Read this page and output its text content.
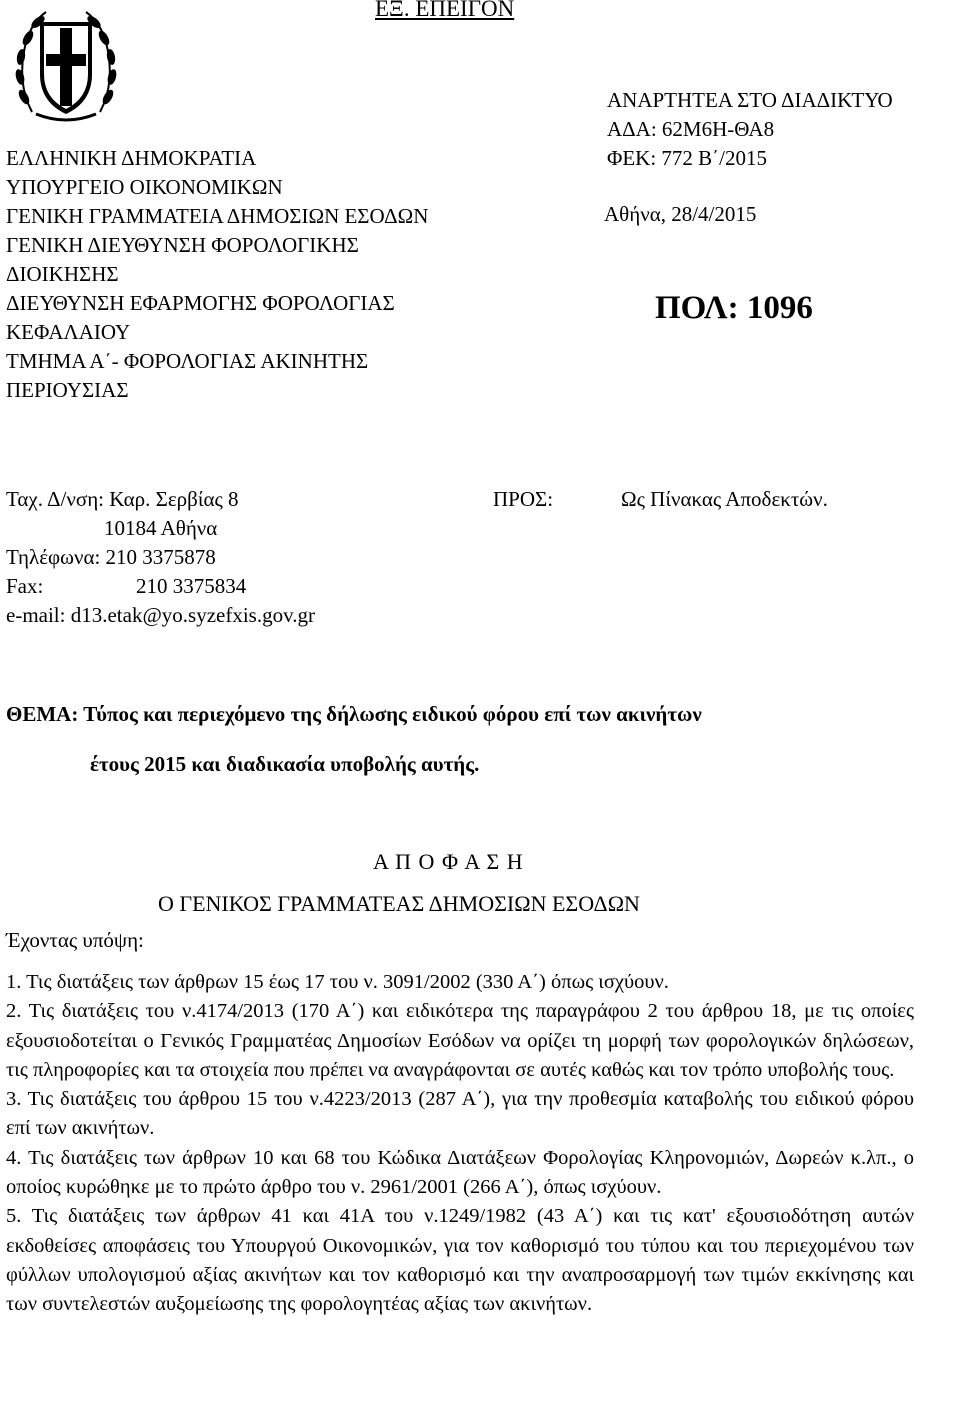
ΕΞ. ΕΠΕΙΓΟΝ
ΕΛΛΗΝΙΚΗ ΔΗΜΟΚΡΑΤΙΑ
ΥΠΟΥΡΓΕΙΟ ΟΙΚΟΝΟΜΙΚΩΝ
ΓΕΝΙΚΗ ΓΡΑΜΜΑΤΕΙΑ ΔΗΜΟΣΙΩΝ ΕΣΟΔΩΝ
ΓΕΝΙΚΗ ΔΙΕΥΘΥΝΣΗ ΦΟΡΟΛΟΓΙΚΗΣ
ΔΙΟΙΚΗΣΗΣ
ΔΙΕΥΘΥΝΣΗ ΕΦΑΡΜΟΓΗΣ ΦΟΡΟΛΟΓΙΑΣ
ΚΕΦΑΛΑΙΟΥ
ΤΜΗΜΑ Α΄- ΦΟΡΟΛΟΓΙΑΣ ΑΚΙΝΗΤΗΣ
ΠΕΡΙΟΥΣΙΑΣ
ΑΝΑΡΤΗΤΕΑ ΣΤΟ ΔΙΑΔΙΚΤΥΟ
ΑΔΑ: 62Μ6Η-ΘΑ8
ΦΕΚ: 772 Β΄/2015
Αθήνα, 28/4/2015
ΠΟΛ: 1096
Ταχ. Δ/νση: Καρ. Σερβίας 8	ΠΡΟΣ:	Ως Πίνακας Αποδεκτών.
10184 Αθήνα
Τηλέφωνα: 210 3375878
Fax:	210 3375834
e-mail: d13.etak@yo.syzefxis.gov.gr
ΘΕΜΑ: Τύπος και περιεχόμενο της δήλωσης ειδικού φόρου επί των ακινήτων
έτους 2015 και διαδικασία υποβολής αυτής.
Α Π Ο Φ Α Σ Η
Ο ΓΕΝΙΚΟΣ ΓΡΑΜΜΑΤΕΑΣ ΔΗΜΟΣΙΩΝ ΕΣΟΔΩΝ
Έχοντας υπόψη:

1. Τις διατάξεις των άρθρων 15 έως 17 του ν. 3091/2002 (330 Α΄) όπως ισχύουν.

2. Τις διατάξεις του ν.4174/2013 (170 Α΄) και ειδικότερα της παραγράφου 2 του άρθρου 18, με τις οποίες εξουσιοδοτείται ο Γενικός Γραμματέας Δημοσίων Εσόδων να ορίζει τη μορφή των φορολογικών δηλώσεων, τις πληροφορίες και τα στοιχεία που πρέπει να αναγράφονται σε αυτές καθώς και τον τρόπο υποβολής τους.

3. Τις διατάξεις του άρθρου 15 του ν.4223/2013 (287 Α΄), για την προθεσμία καταβολής του ειδικού φόρου επί των ακινήτων.

4. Τις διατάξεις των άρθρων 10 και 68 του Κώδικα Διατάξεων Φορολογίας Κληρονομιών, Δωρεών κ.λπ., ο οποίος κυρώθηκε με το πρώτο άρθρο του ν. 2961/2001 (266 Α΄), όπως ισχύουν.

5. Τις διατάξεις των άρθρων 41 και 41Α του ν.1249/1982 (43 Α΄) και τις κατ' εξουσιοδότηση αυτών εκδοθείσες αποφάσεις του Υπουργού Οικονομικών, για τον καθορισμό του τύπου και του περιεχομένου των φύλλων υπολογισμού αξίας ακινήτων και τον καθορισμό και την αναπροσαρμογή των τιμών εκκίνησης και των συντελεστών αυξομείωσης της φορολογητέας αξίας των ακινήτων.
